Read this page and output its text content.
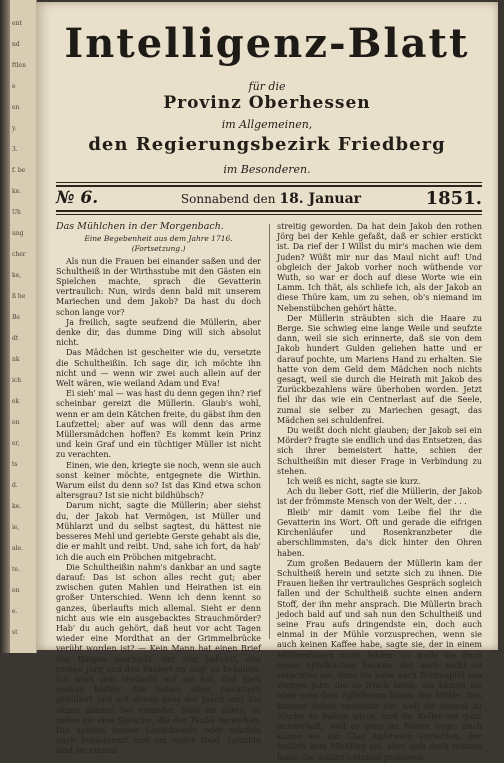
ent
nd
ftlen
e
en
y.
3.
f. be
ke.
Uh
ung
cher
ke,
ß be
Be
dt
nk
ich
ek
en
er,
ts
d.
ke.
ie,
ale.
te.
en
e.
st
Intelligenz-Blatt
für die
Provinz Oberhessen
im Allgemeinen,
den Regierungsbezirk Friedberg
im Besonderen.
№ 6.	Sonnabend den 18. Januar	1851.

Das Mühlchen in der Morgenbach.

Eine Begebenheit aus dem Jahre 1716.

(Fortsetzung.)

Als nun die Frauen bei einander saßen und der Schultheiß in der Wirthsstube mit den Gästen ein Spielchen machte, sprach die Gevatterin vertraulich: Nun, wirds denn bald mit unserem Mariechen und dem Jakob? Da hast du doch schon lange vor?

Ja freilich, sagte seufzend die Müllerin, aber denke dir, das dumme Ding will sich absolut nicht.

Das Mädchen ist gescheiter wie du, versetzte die Schultheißin. Ich sage dir, ich möchte ihn nicht und — wenn wir zwei auch allein auf der Welt wären, wie weiland Adam und Eva!

Ei sieh' mal — was hast du denn gegen ihn? rief scheinbar gereizt die Müllerin. Glaub's wohl, wenn er am dein Kätchen freite, du gäbst ihm den Laufzettel; aber auf was will denn das arme Müllersmädchen hoffen? Es kommt kein Prinz und kein Graf und ein tüchtiger Müller ist nicht zu verachten.

Einen, wie den, kriegte sie noch, wenn sie auch sonst keiner möchte, entgegnete die Wirthin. Warum eilst du denn so? Ist das Kind etwa schon altersgrau? Ist sie nicht bildhübsch?

Darum nicht, sagte die Müllerin; aber siehst du, der Jakob hat Vermögen, ist Müller und Mühlarzt und du selbst sagtest, du hättest nie besseres Mehl und geriebte Gerste gehabt als die, die er mahlt und reibt. Und, sahe ich fort, da hab' ich die auch ein Pröbchen mitgebracht.

Die Schultheißin nahm's dankbar an und sagte darauf: Das ist schon alles recht gut; aber zwischen guten Mahlen und Heirathen ist ein großer Unterschied. Wenn ich denn kennt so ganzes, überlaufts mich allemal. Sieht er denn nicht aus wie ein ausgebacktes Strauchmörder? Hab' du auch gehört, daß heut vor acht Tagen wieder eine Mordthat an der Grimmelbrücke verübt worden ist? — Kein Mann hat einen Brief von Bingen geschickt, der ihm befiehlt, den rothen Jörg und den Vassert im Aug' zu behalten. Ich wars den Verdacht auf sie hat, daß sie's gethan hätten. Die haben allen Gevattern gebüllert und mit denen geht der Jakob um! Sie sitzen allemal bei einander. Sind sie allein, so reden sie eine Sprache, die der Teufel verstehen. Die spielen immer Landsknecht oder würfeln nach Soldatenart und um vieles Geld. Letzthin sind sie einmal

streitig geworden. Da hat dein Jakob den rothen Jörg bei der Kehle gefaßt, daß er schier erstickt ist. Da rief der I Willst du mir's machen wie dem Juden? Wüßt mir nur das Maul nicht auf! Und obgleich der Jakob vorher noch wüthende vor Wuth, so war er doch auf diese Worte wie ein Lamm. Ich thät, als schliefe ich, als der Jakob an diese Thüre kam, um zu sehen, ob's niemand im Nebenstübchen gehört hätte.

Der Müllerin sträubten sich die Haare zu Berge. Sie schwieg eine lange Weile und seufzte dann, weil sie sich erinnerte, daß sie von dem Jakob hundert Gulden geliehen hatte und er darauf pochte, um Mariens Hand zu erhalten. Sie hatte von dem Geld dem Mädchen noch nichts gesagt, weil sie durch die Heirath mit Jakob des Zurückbezahlens wäre überhoben worden. Jetzt fiel ihr das wie ein Centnerlast auf die Seele, zumal sie selber zu Mariechen gesagt, das Mädchen sei schuldenfrei.

Du weißt doch nicht glauben; der Jakob sei ein Mörder? fragte sie endlich und das Entsetzen, das sich ihrer bemeistert hatte, schien der Schultheißin mit dieser Frage in Verbindung zu stehen.

Ich weiß es nicht, sagte sie kurz.

Ach du lieber Gott, rief die Müllerin, der Jakob ist der frömmste Mensch von der Welt, der . . .

Bleib' mir damit vom Leibe fiel ihr die Gevatterin ins Wort. Oft und gerade die eifrigen Kirchenläufer und Rosenkranzbeter die aberschlimmsten, da's dick hinter den Ohren haben.

Zum großen Bedauern der Müllerin kam der Schultheiß herein und setzte sich zu ihnen. Die Frauen ließen ihr vertrauliches Gespräch sogleich fallen und der Schultheiß suchte einen andern Stoff, der ihn mehr ansprach. Die Müllerin brach jedoch bald auf und sah nun den Schultheiß und seine Frau aufs dringendste ein, doch auch einmal in der Mühle vorzusprechen, wenn sie auch keinen Kaffee habe, sagte sie, der in einem Müllersbissen nicht fehlen; so wolle sie doch einen Apfelkuchen backen, der auch nicht zu verachten sei, denn sie habe auch Brennapfel von voriges Jahr, die so frisch seien, als kämen sie eben vom dem Apfelbaum hinter der Mühle. Das komme daher, versetzte sie, weil sie einmal zu Alsche zu halten wisse, und ihr Keller sei ganz musterhaft, weil er ganz im Felsen liege; auch könne sie ein Glas Apfelwein vorsetzen, der freilich kein Nießling sei, aber sich doch trinken lasse. Sie sollten's einmal probieren.
